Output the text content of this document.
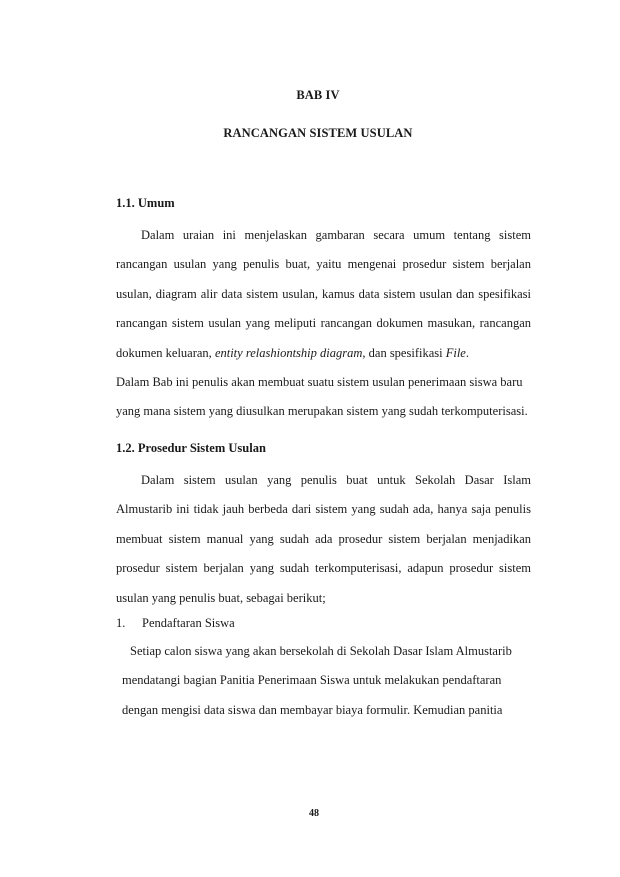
BAB IV
RANCANGAN SISTEM USULAN
1.1. Umum

Dalam uraian ini menjelaskan gambaran secara umum tentang sistem rancangan usulan yang penulis buat, yaitu mengenai prosedur sistem berjalan usulan, diagram alir data sistem usulan, kamus data sistem usulan dan spesifikasi rancangan sistem usulan yang meliputi rancangan dokumen masukan, rancangan dokumen keluaran, entity relashiontship diagram, dan spesifikasi File.

Dalam Bab ini penulis akan membuat suatu sistem usulan penerimaan siswa baru yang mana sistem yang diusulkan merupakan sistem yang sudah terkomputerisasi.

1.2. Prosedur Sistem Usulan

Dalam sistem usulan yang penulis buat untuk Sekolah Dasar Islam Almustarib ini tidak jauh berbeda dari sistem yang sudah ada, hanya saja penulis membuat sistem manual yang sudah ada prosedur sistem berjalan menjadikan prosedur sistem berjalan yang sudah terkomputerisasi, adapun prosedur sistem usulan yang penulis buat, sebagai berikut;

1. Pendaftaran Siswa

Setiap calon siswa yang akan bersekolah di Sekolah Dasar Islam Almustarib
mendatangi bagian Panitia Penerimaan Siswa untuk melakukan pendaftaran
dengan mengisi data siswa dan membayar biaya formulir. Kemudian panitia

48
